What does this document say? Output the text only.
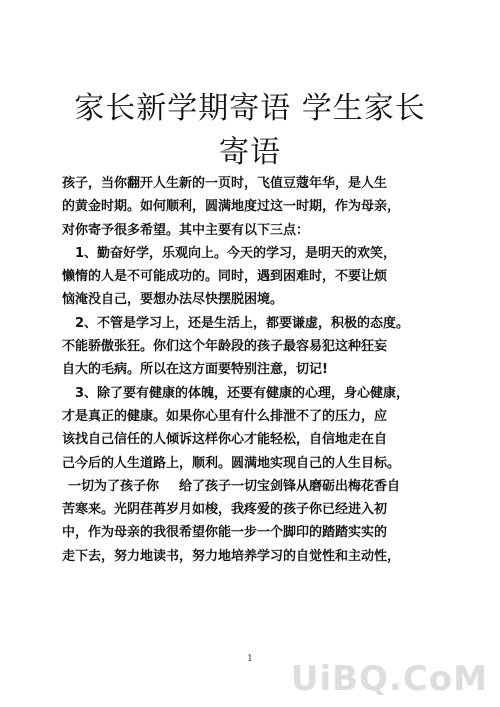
家长新学期寄语 学生家长
寄语
孩子，当你翻开人生新的一页时，飞值豆蔻年华，是人生
的黄金时期。如何顺利，圆满地度过这一时期，作为母亲，
对你寄予很多希望。其中主要有以下三点：
1、勤奋好学，乐观向上。今天的学习，是明天的欢笑，
懒惰的人是不可能成功的。同时，遇到困难时，不要让烦
恼淹没自己，要想办法尽快摆脱困境。
2、不管是学习上，还是生活上，都要谦虚，积极的态度。
不能骄傲张狂。你们这个年龄段的孩子最容易犯这种狂妄
自大的毛病。所以在这方面要特别注意，切记!
3、除了要有健康的体魄，还要有健康的心理，身心健康，
才是真正的健康。如果你心里有什么排泄不了的压力，应
该找自己信任的人倾诉这样你心才能轻松，自信地走在自
己今后的人生道路上，顺利。圆满地实现自己的人生目标。
一切为了孩子你 给了孩子一切宝剑锋从磨砺出梅花香自
苦寒来。光阴荏苒岁月如梭，我疼爱的孩子你已经进入初
中，作为母亲的我很希望你能一步一个脚印的踏踏实实的
走下去，努力地读书，努力地培养学习的自觉性和主动性，
1	UiBQ.CoM
